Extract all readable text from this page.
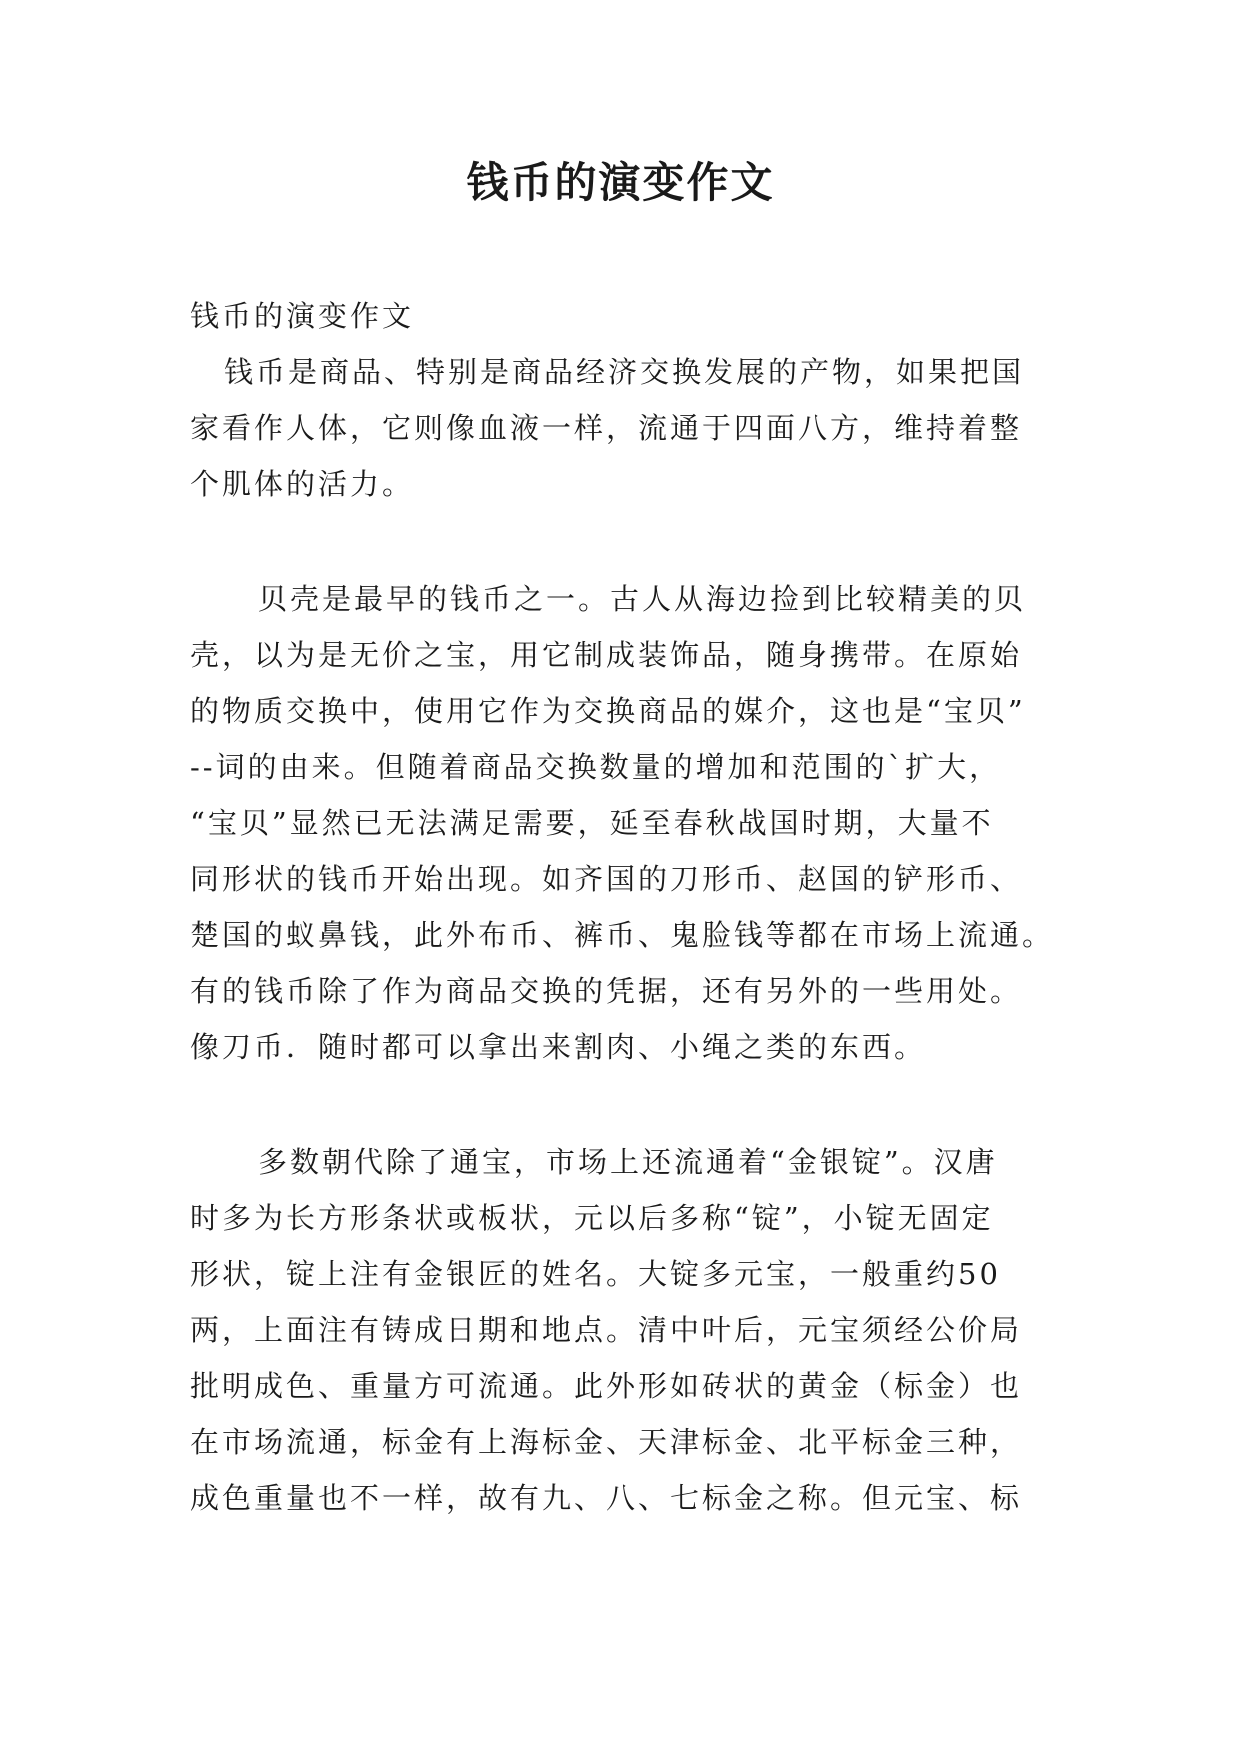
钱币的演变作文
钱币的演变作文
钱币是商品、特别是商品经济交换发展的产物，如果把国
家看作人体，它则像血液一样，流通于四面八方，维持着整
个肌体的活力。
贝壳是最早的钱币之一。古人从海边捡到比较精美的贝
壳，以为是无价之宝，用它制成装饰品，随身携带。在原始
的物质交换中，使用它作为交换商品的媒介，这也是“宝贝”
--词的由来。但随着商品交换数量的增加和范围的`扩大，
“宝贝”显然已无法满足需要，延至春秋战国时期，大量不
同形状的钱币开始出现。如齐国的刀形币、赵国的铲形币、
楚国的蚁鼻钱，此外布币、裤币、鬼脸钱等都在市场上流通。
有的钱币除了作为商品交换的凭据，还有另外的一些用处。
像刀币．随时都可以拿出来割肉、小绳之类的东西。
多数朝代除了通宝，市场上还流通着“金银锭”。汉唐
时多为长方形条状或板状，元以后多称“锭”，小锭无固定
形状，锭上注有金银匠的姓名。大锭多元宝，一般重约50
两，上面注有铸成日期和地点。清中叶后，元宝须经公价局
批明成色、重量方可流通。此外形如砖状的黄金（标金）也
在市场流通，标金有上海标金、天津标金、北平标金三种，
成色重量也不一样，故有九、八、七标金之称。但元宝、标
